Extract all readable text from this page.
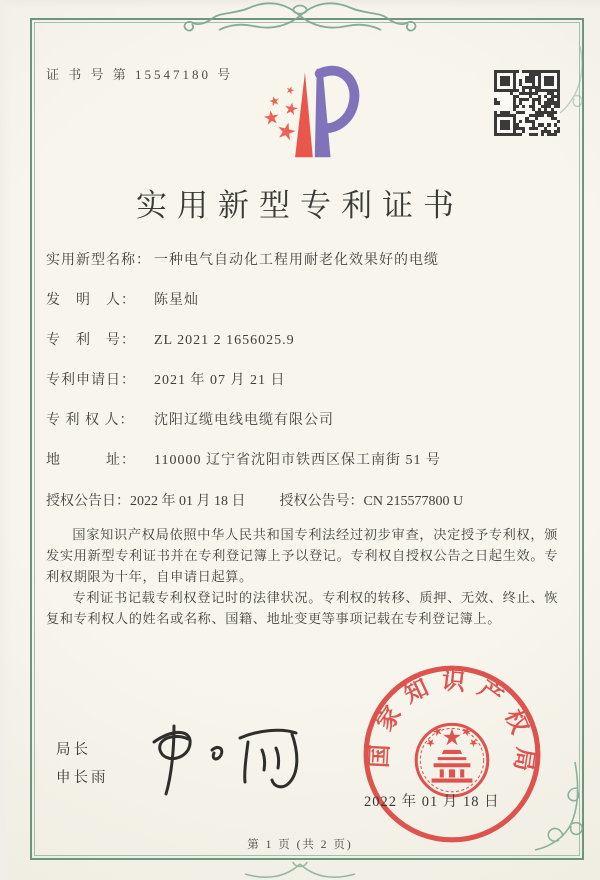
证 书 号 第 15547180 号
实用新型专利证书
实用新型名称： 一种电气自动化工程用耐老化效果好的电缆
发　明　人： 陈星灿
专　利　号： ZL 2021 2 1656025.9
专利申请日： 2021 年 07 月 21 日
专 利 权 人： 沈阳辽缆电线电缆有限公司
地　　　址： 110000 辽宁省沈阳市铁西区保工南街 51 号
授权公告日：2022 年 01 月 18 日 授权公告号：CN 215577800 U

国家知识产权局依照中华人民共和国专利法经过初步审查，决定授予专利权，颁发实用新型专利证书并在专利登记簿上予以登记。专利权自授权公告之日起生效。专利权期限为十年，自申请日起算。

专利证书记载专利权登记时的法律状况。专利权的转移、质押、无效、终止、恢复和专利权人的姓名或名称、国籍、地址变更等事项记载在专利登记簿上。

局长
申长雨
国家知识产权局
2022 年 01 月 18 日
第 1 页 (共 2 页)
